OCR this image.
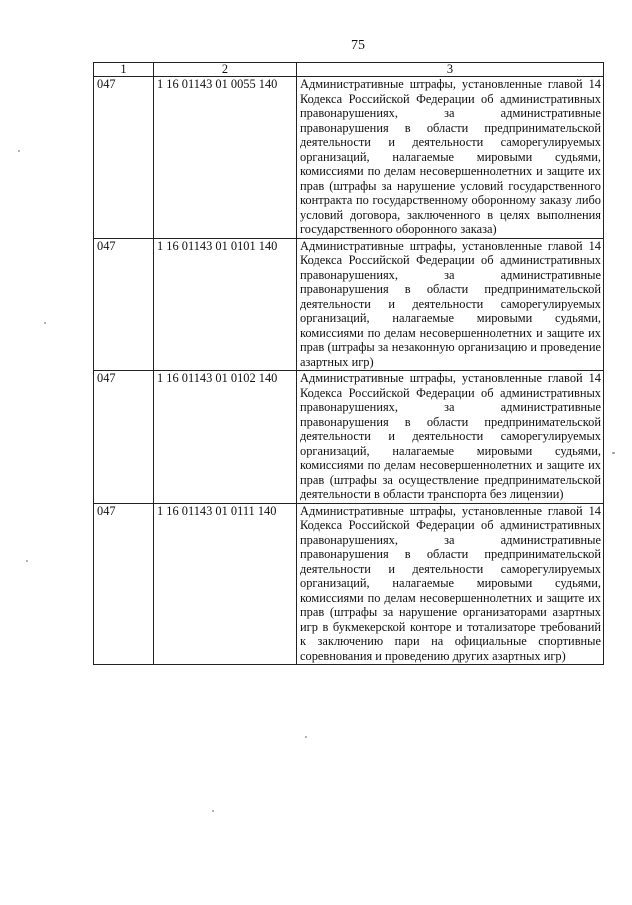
75
1	2	3
047	1 16 01143 01 0055 140	Административные штрафы, установленные главой 14 Кодекса Российской Федерации об административных правонарушениях, за административные правонарушения в области предпринимательской деятельности и деятельности саморегулируемых организаций, налагаемые мировыми судьями, комиссиями по делам несовершеннолетних и защите их прав (штрафы за нарушение условий государственного контракта по государственному оборонному заказу либо условий договора, заключенного в целях выполнения государственного оборонного заказа)
047	1 16 01143 01 0101 140	Административные штрафы, установленные главой 14 Кодекса Российской Федерации об административных правонарушениях, за административные правонарушения в области предпринимательской деятельности и деятельности саморегулируемых организаций, налагаемые мировыми судьями, комиссиями по делам несовершеннолетних и защите их прав (штрафы за незаконную организацию и проведение азартных игр)
047	1 16 01143 01 0102 140	Административные штрафы, установленные главой 14 Кодекса Российской Федерации об административных правонарушениях, за административные правонарушения в области предпринимательской деятельности и деятельности саморегулируемых организаций, налагаемые мировыми судьями, комиссиями по делам несовершеннолетних и защите их прав (штрафы за осуществление предпринимательской деятельности в области транспорта без лицензии)
047	1 16 01143 01 0111 140	Административные штрафы, установленные главой 14 Кодекса Российской Федерации об административных правонарушениях, за административные правонарушения в области предпринимательской деятельности и деятельности саморегулируемых организаций, налагаемые мировыми судьями, комиссиями по делам несовершеннолетних и защите их прав (штрафы за нарушение организаторами азартных игр в букмекерской конторе и тотализаторе требований к заключению пари на официальные спортивные соревнования и проведению других азартных игр)
